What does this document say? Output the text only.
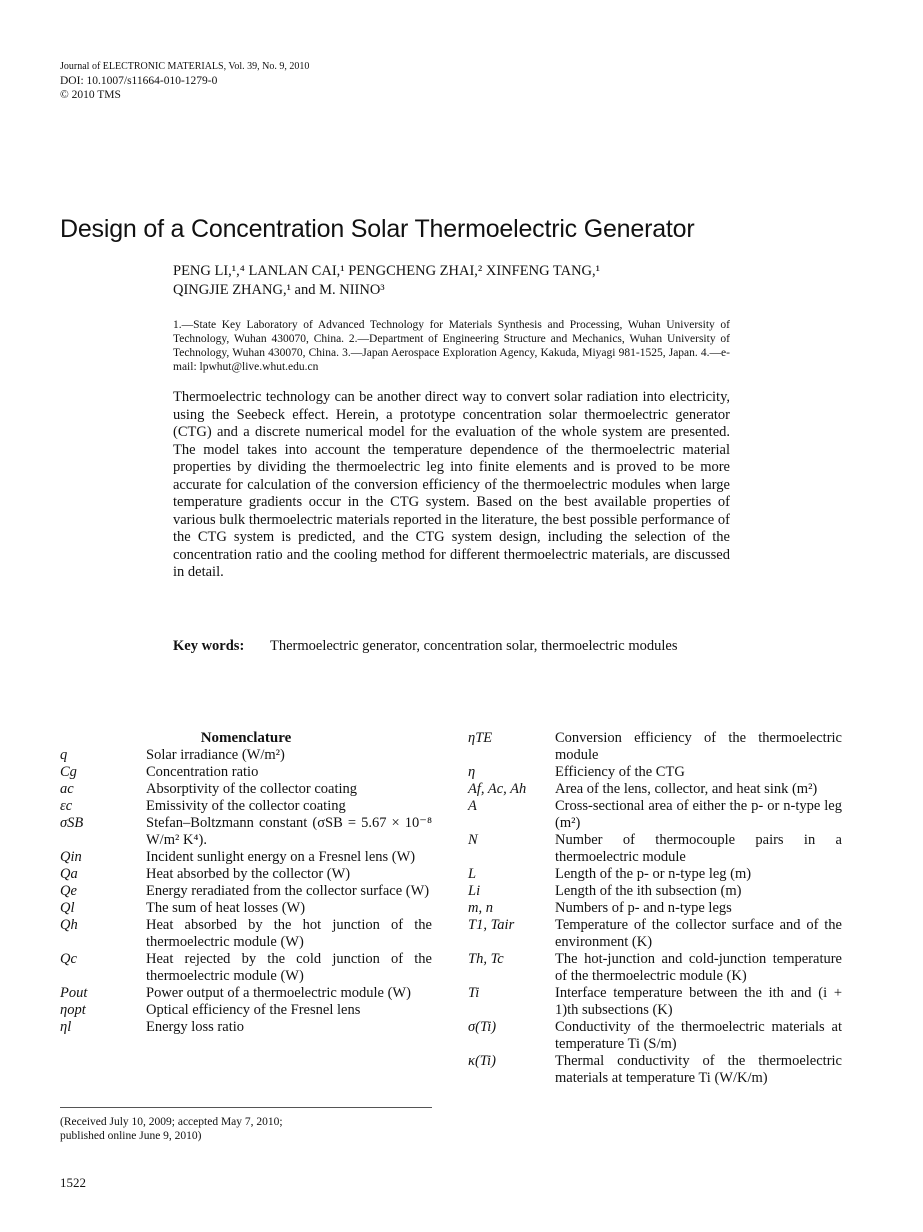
Journal of ELECTRONIC MATERIALS, Vol. 39, No. 9, 2010
DOI: 10.1007/s11664-010-1279-0
© 2010 TMS
Design of a Concentration Solar Thermoelectric Generator
PENG LI,¹,⁴ LANLAN CAI,¹ PENGCHENG ZHAI,² XINFENG TANG,¹
QINGJIE ZHANG,¹ and M. NIINO³
1.—State Key Laboratory of Advanced Technology for Materials Synthesis and Processing, Wuhan University of Technology, Wuhan 430070, China. 2.—Department of Engineering Structure and Mechanics, Wuhan University of Technology, Wuhan 430070, China. 3.—Japan Aerospace Exploration Agency, Kakuda, Miyagi 981-1525, Japan. 4.—e-mail: lpwhut@live.whut.edu.cn
Thermoelectric technology can be another direct way to convert solar radiation into electricity, using the Seebeck effect. Herein, a prototype concentration solar thermoelectric generator (CTG) and a discrete numerical model for the evaluation of the whole system are presented. The model takes into account the temperature dependence of the thermoelectric material properties by dividing the thermoelectric leg into finite elements and is proved to be more accurate for calculation of the conversion efficiency of the thermoelectric modules when large temperature gradients occur in the CTG system. Based on the best available properties of various bulk thermoelectric materials reported in the literature, the best possible performance of the CTG system is predicted, and the CTG system design, including the selection of the concentration ratio and the cooling method for different thermoelectric materials, are discussed in detail.
Key words:	Thermoelectric generator, concentration solar, thermoelectric modules
Nomenclature
q	Solar irradiance (W/m²)
Cg	Concentration ratio
ac	Absorptivity of the collector coating
εc	Emissivity of the collector coating
σSB	Stefan–Boltzmann constant (σSB = 5.67 × 10⁻⁸ W/m² K⁴).
Qin	Incident sunlight energy on a Fresnel lens (W)
Qa	Heat absorbed by the collector (W)
Qe	Energy reradiated from the collector surface (W)
Ql	The sum of heat losses (W)
Qh	Heat absorbed by the hot junction of the thermoelectric module (W)
Qc	Heat rejected by the cold junction of the thermoelectric module (W)
Pout	Power output of a thermoelectric module (W)
ηopt	Optical efficiency of the Fresnel lens
ηl	Energy loss ratio
ηTE	Conversion efficiency of the thermoelectric module
η	Efficiency of the CTG
Af, Ac, Ah	Area of the lens, collector, and heat sink (m²)
A	Cross-sectional area of either the p- or n-type leg (m²)
N	Number of thermocouple pairs in a thermoelectric module
L	Length of the p- or n-type leg (m)
Li	Length of the ith subsection (m)
m, n	Numbers of p- and n-type legs
T1, Tair	Temperature of the collector surface and of the environment (K)
Th, Tc	The hot-junction and cold-junction temperature of the thermoelectric module (K)
Ti	Interface temperature between the ith and (i + 1)th subsections (K)
σ(Ti)	Conductivity of the thermoelectric materials at temperature Ti (S/m)
κ(Ti)	Thermal conductivity of the thermoelectric materials at temperature Ti (W/K/m)
(Received July 10, 2009; accepted May 7, 2010;
published online June 9, 2010)
1522
